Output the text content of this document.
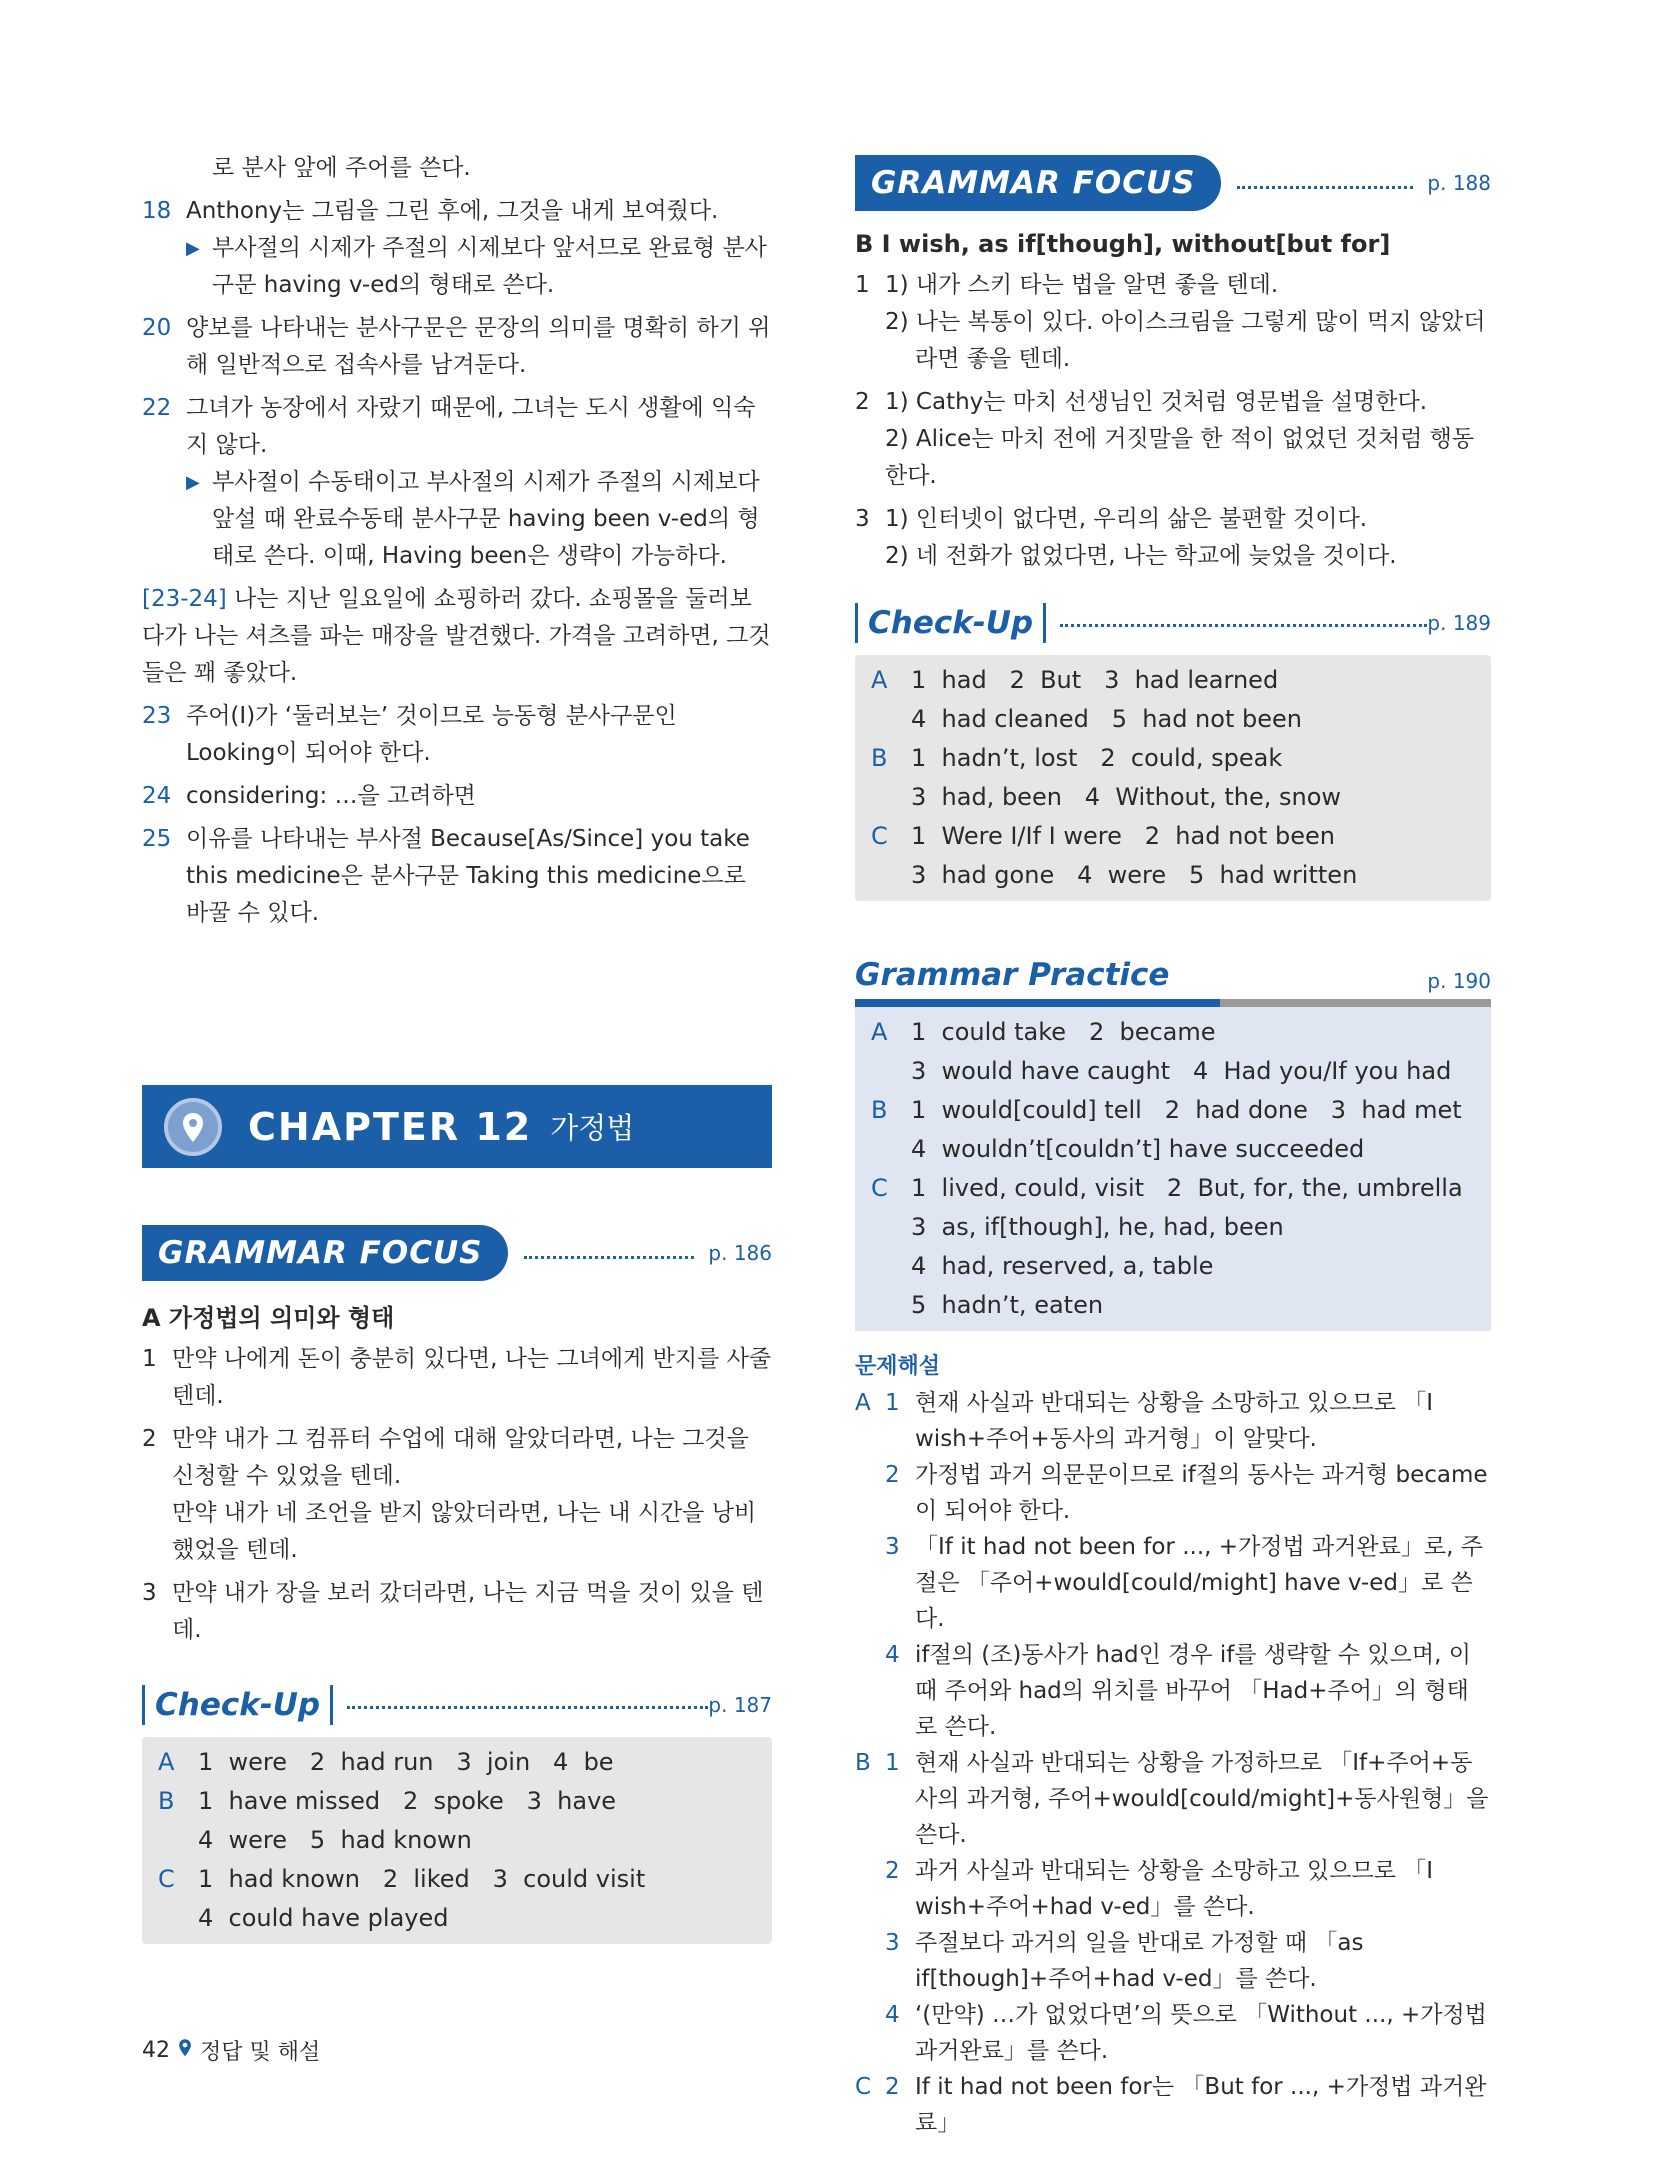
로 분사 앞에 주어를 쓴다.
18 Anthony는 그림을 그린 후에, 그것을 내게 보여줬다.
▶ 부사절의 시제가 주절의 시제보다 앞서므로 완료형 분사구문 having v-ed의 형태로 쓴다.
20 양보를 나타내는 분사구문은 문장의 의미를 명확히 하기 위해 일반적으로 접속사를 남겨둔다.
22 그녀가 농장에서 자랐기 때문에, 그녀는 도시 생활에 익숙지 않다.
▶ 부사절이 수동태이고 부사절의 시제가 주절의 시제보다 앞설 때 완료수동태 분사구문 having been v-ed의 형태로 쓴다. 이때, Having been은 생략이 가능하다.
[23-24] 나는 지난 일요일에 쇼핑하러 갔다. 쇼핑몰을 둘러보다가 나는 셔츠를 파는 매장을 발견했다. 가격을 고려하면, 그것들은 꽤 좋았다.
23 주어(I)가 ‘둘러보는’ 것이므로 능동형 분사구문인 Looking이 되어야 한다.
24 considering: …을 고려하면
25 이유를 나타내는 부사절 Because[As/Since] you take this medicine은 분사구문 Taking this medicine으로 바꿀 수 있다.
CHAPTER 12 가정법
GRAMMAR FOCUS	p. 186
A 가정법의 의미와 형태
1 만약 나에게 돈이 충분히 있다면, 나는 그녀에게 반지를 사줄 텐데.
2 만약 내가 그 컴퓨터 수업에 대해 알았더라면, 나는 그것을 신청할 수 있었을 텐데.
만약 내가 네 조언을 받지 않았더라면, 나는 내 시간을 낭비했었을 텐데.
3 만약 내가 장을 보러 갔더라면, 나는 지금 먹을 것이 있을 텐데.
Check-Up	p. 187
A 1  were   2  had run   3  join   4  be
B 1  have missed   2  spoke   3  have
4  were   5  had known
C 1  had known   2  liked   3  could visit
4  could have played
GRAMMAR FOCUS	p. 188
B I wish, as if[though], without[but for]
1 1) 내가 스키 타는 법을 알면 좋을 텐데.
2) 나는 복통이 있다. 아이스크림을 그렇게 많이 먹지 않았더라면 좋을 텐데.
2 1) Cathy는 마치 선생님인 것처럼 영문법을 설명한다.
2) Alice는 마치 전에 거짓말을 한 적이 없었던 것처럼 행동한다.
3 1) 인터넷이 없다면, 우리의 삶은 불편할 것이다.
2) 네 전화가 없었다면, 나는 학교에 늦었을 것이다.
Check-Up	p. 189
A 1  had   2  But   3  had learned
4  had cleaned   5  had not been
B 1  hadn’t, lost   2  could, speak
3  had, been   4  Without, the, snow
C 1  Were I/If I were   2  had not been
3  had gone   4  were   5  had written
Grammar Practice	p. 190
A 1  could take   2  became
3  would have caught   4  Had you/If you had
B 1  would[could] tell   2  had done   3  had met
4  wouldn’t[couldn’t] have succeeded
C 1  lived, could, visit   2  But, for, the, umbrella
3  as, if[though], he, had, been
4  had, reserved, a, table
5  hadn’t, eaten
문제해설
A 1 현재 사실과 반대되는 상황을 소망하고 있으므로 「I wish+주어+동사의 과거형」이 알맞다.
2 가정법 과거 의문문이므로 if절의 동사는 과거형 became이 되어야 한다.
3 「If it had not been for ..., +가정법 과거완료」로, 주절은 「주어+would[could/might] have v-ed」로 쓴다.
4 if절의 (조)동사가 had인 경우 if를 생략할 수 있으며, 이때 주어와 had의 위치를 바꾸어 「Had+주어」의 형태로 쓴다.
B 1 현재 사실과 반대되는 상황을 가정하므로 「If+주어+동사의 과거형, 주어+would[could/might]+동사원형」을 쓴다.
2 과거 사실과 반대되는 상황을 소망하고 있으므로 「I wish+주어+had v-ed」를 쓴다.
3 주절보다 과거의 일을 반대로 가정할 때 「as if[though]+주어+had v-ed」를 쓴다.
4 ‘(만약) …가 없었다면’의 뜻으로 「Without ..., +가정법 과거완료」를 쓴다.
C 2 If it had not been for는 「But for ..., +가정법 과거완료」
42 정답 및 해설
